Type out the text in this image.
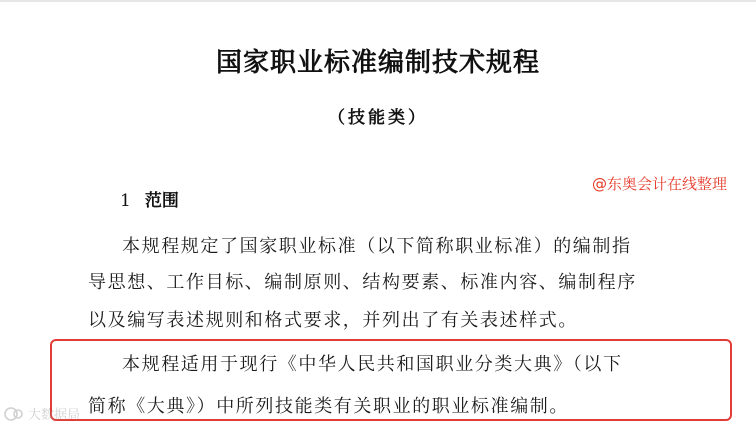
国家职业标准编制技术规程
（技能类）
1 范围
@东奥会计在线整理
本规程规定了国家职业标准（以下简称职业标准）的编制指
导思想、工作目标、编制原则、结构要素、标准内容、编制程序
以及编写表述规则和格式要求，并列出了有关表述样式。
本规程适用于现行《中华人民共和国职业分类大典》（以下
简称《大典》）中所列技能类有关职业的职业标准编制。
大数据局
